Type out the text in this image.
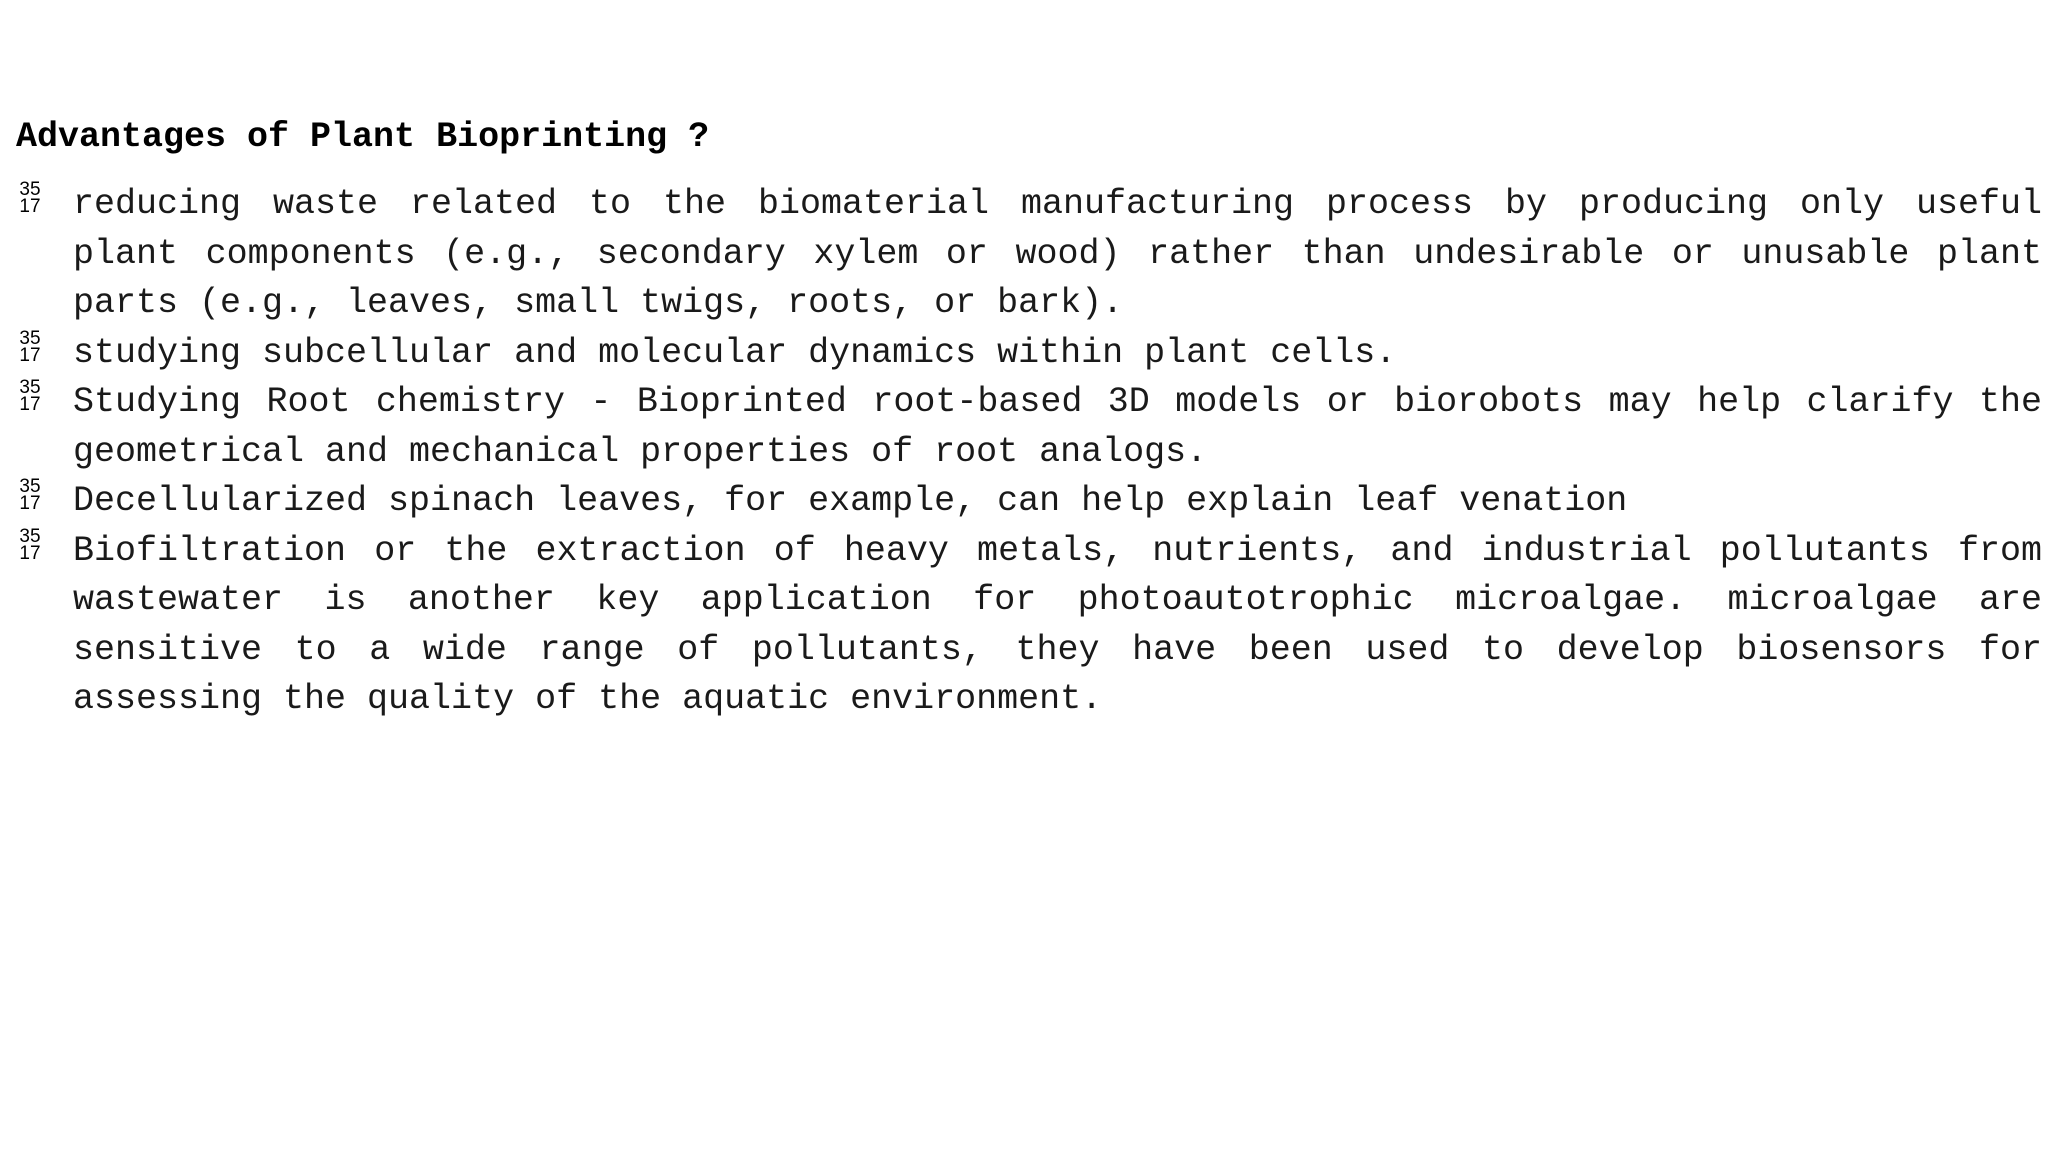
Advantages of Plant Bioprinting ?
35
17 reducing waste related to the biomaterial manufacturing process by producing only useful plant components (e.g., secondary xylem or wood) rather than undesirable or unusable plant parts (e.g., leaves, small twigs, roots, or bark).
35
17 studying subcellular and molecular dynamics within plant cells.
35
17 Studying Root chemistry - Bioprinted root-based 3D models or biorobots may help clarify the geometrical and mechanical properties of root analogs.
35
17 Decellularized spinach leaves, for example, can help explain leaf venation
35
17 Biofiltration or the extraction of heavy metals, nutrients, and industrial pollutants from wastewater is another key application for photoautotrophic microalgae. microalgae are sensitive to a wide range of pollutants, they have been used to develop biosensors for assessing the quality of the aquatic environment.
